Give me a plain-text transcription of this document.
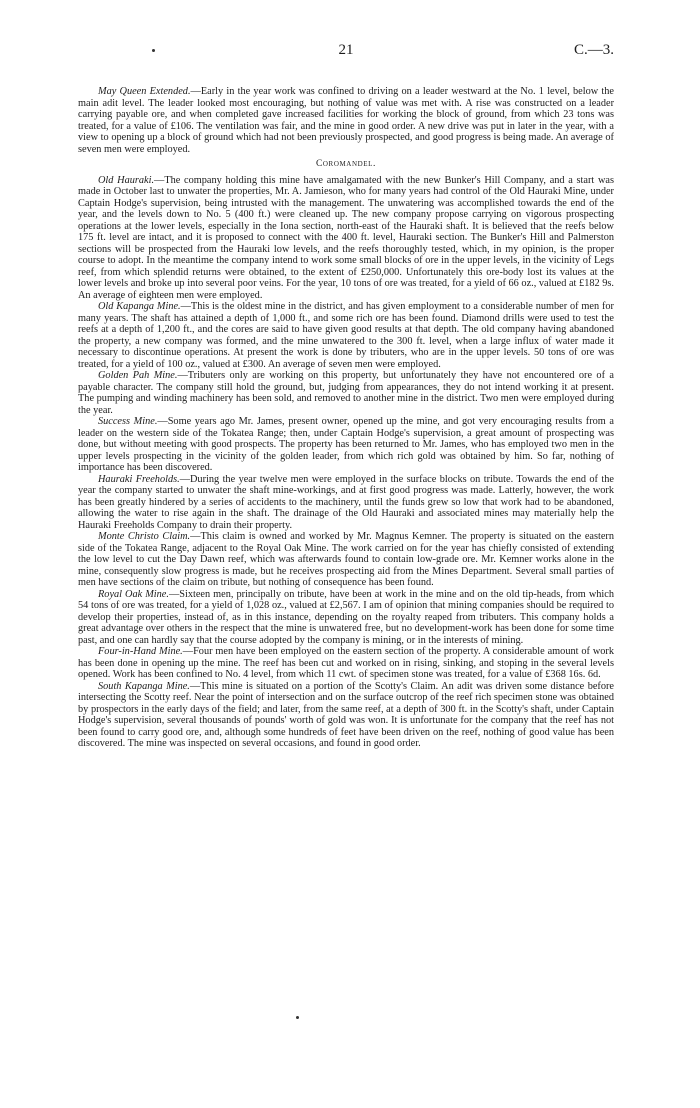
21	C.—3.

May Queen Extended.—Early in the year work was confined to driving on a leader westward at the No. 1 level, below the main adit level. The leader looked most encouraging, but nothing of value was met with. A rise was constructed on a leader carrying payable ore, and when completed gave increased facilities for working the block of ground, from which 23 tons was treated, for a value of £106. The ventilation was fair, and the mine in good order. A new drive was put in later in the year, with a view to opening up a block of ground which had not been previously prospected, and good progress is being made. An average of seven men were employed.

Coromandel.

Old Hauraki.—The company holding this mine have amalgamated with the new Bunker's Hill Company, and a start was made in October last to unwater the properties, Mr. A. Jamieson, who for many years had control of the Old Hauraki Mine, under Captain Hodge's supervision, being intrusted with the management. The unwatering was accomplished towards the end of the year, and the levels down to No. 5 (400 ft.) were cleaned up. The new company propose carrying on vigorous prospecting operations at the lower levels, especially in the Iona section, north-east of the Hauraki shaft. It is believed that the reefs below 175 ft. level are intact, and it is proposed to connect with the 400 ft. level, Hauraki section. The Bunker's Hill and Palmerston sections will be prospected from the Hauraki low levels, and the reefs thoroughly tested, which, in my opinion, is the proper course to adopt. In the meantime the company intend to work some small blocks of ore in the upper levels, in the vicinity of Legs reef, from which splendid returns were obtained, to the extent of £250,000. Unfortunately this ore-body lost its values at the lower levels and broke up into several poor veins. For the year, 10 tons of ore was treated, for a yield of 66 oz., valued at £182 9s. An average of eighteen men were employed.

Old Kapanga Mine.—This is the oldest mine in the district, and has given employment to a considerable number of men for many years. The shaft has attained a depth of 1,000 ft., and some rich ore has been found. Diamond drills were used to test the reefs at a depth of 1,200 ft., and the cores are said to have given good results at that depth. The old company having abandoned the property, a new company was formed, and the mine unwatered to the 300 ft. level, when a large influx of water made it necessary to discontinue operations. At present the work is done by tributers, who are in the upper levels. 50 tons of ore was treated, for a yield of 100 oz., valued at £300. An average of seven men were employed.

Golden Pah Mine.—Tributers only are working on this property, but unfortunately they have not encountered ore of a payable character. The company still hold the ground, but, judging from appearances, they do not intend working it at present. The pumping and winding machinery has been sold, and removed to another mine in the district. Two men were employed during the year.

Success Mine.—Some years ago Mr. James, present owner, opened up the mine, and got very encouraging results from a leader on the western side of the Tokatea Range; then, under Captain Hodge's supervision, a great amount of prospecting was done, but without meeting with good prospects. The property has been returned to Mr. James, who has employed two men in the upper levels prospecting in the vicinity of the golden leader, from which rich gold was obtained by him. So far, nothing of importance has been discovered.

Hauraki Freeholds.—During the year twelve men were employed in the surface blocks on tribute. Towards the end of the year the company started to unwater the shaft mine-workings, and at first good progress was made. Latterly, however, the work has been greatly hindered by a series of accidents to the machinery, until the funds grew so low that work had to be abandoned, allowing the water to rise again in the shaft. The drainage of the Old Hauraki and associated mines may materially help the Hauraki Freeholds Company to drain their property.

Monte Christo Claim.—This claim is owned and worked by Mr. Magnus Kemner. The property is situated on the eastern side of the Tokatea Range, adjacent to the Royal Oak Mine. The work carried on for the year has chiefly consisted of extending the low level to cut the Day Dawn reef, which was afterwards found to contain low-grade ore. Mr. Kemner works alone in the mine, consequently slow progress is made, but he receives prospecting aid from the Mines Department. Several small parties of men have sections of the claim on tribute, but nothing of consequence has been found.

Royal Oak Mine.—Sixteen men, principally on tribute, have been at work in the mine and on the old tip-heads, from which 54 tons of ore was treated, for a yield of 1,028 oz., valued at £2,567. I am of opinion that mining companies should be required to develop their properties, instead of, as in this instance, depending on the royalty reaped from tributers. This company holds a great advantage over others in the respect that the mine is unwatered free, but no development-work has been done for some time past, and one can hardly say that the course adopted by the company is mining, or in the interests of mining.

Four-in-Hand Mine.—Four men have been employed on the eastern section of the property. A considerable amount of work has been done in opening up the mine. The reef has been cut and worked on in rising, sinking, and stoping in the several levels opened. Work has been confined to No. 4 level, from which 11 cwt. of specimen stone was treated, for a value of £368 16s. 6d.

South Kapanga Mine.—This mine is situated on a portion of the Scotty's Claim. An adit was driven some distance before intersecting the Scotty reef. Near the point of intersection and on the surface outcrop of the reef rich specimen stone was obtained by prospectors in the early days of the field; and later, from the same reef, at a depth of 300 ft. in the Scotty's shaft, under Captain Hodge's supervision, several thousands of pounds' worth of gold was won. It is unfortunate for the company that the reef has not been found to carry good ore, and, although some hundreds of feet have been driven on the reef, nothing of good value has been discovered. The mine was inspected on several occasions, and found in good order.
